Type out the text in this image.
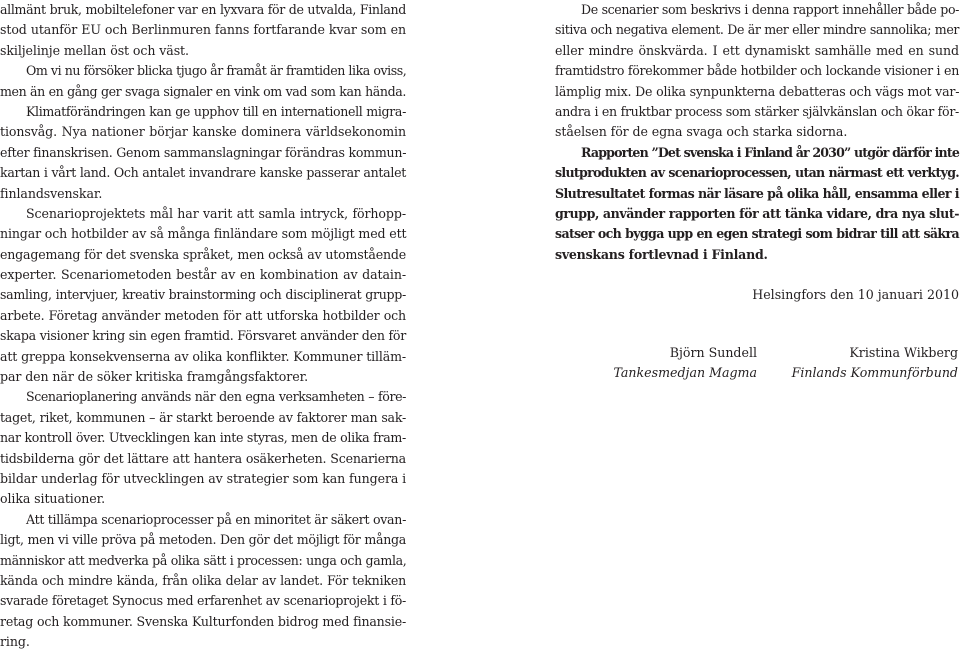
allmänt bruk, mobiltelefoner var en lyxvara för de utvalda, Finland
stod utanför EU och Berlinmuren fanns fortfarande kvar som en
skiljelinje mellan öst och väst.
Om vi nu försöker blicka tjugo år framåt är framtiden lika oviss,
men än en gång ger svaga signaler en vink om vad som kan hända.
Klimatförändringen kan ge upphov till en internationell migra-
tionsvåg. Nya nationer börjar kanske dominera världsekonomin
efter finanskrisen. Genom sammanslagningar förändras kommun-
kartan i vårt land. Och antalet invandrare kanske passerar antalet
finlandsvenskar.
Scenarioprojektets mål har varit att samla intryck, förhopp-
ningar och hotbilder av så många finländare som möjligt med ett
engagemang för det svenska språket, men också av utomstående
experter. Scenariometoden består av en kombination av datain-
samling, intervjuer, kreativ brainstorming och disciplinerat grupp-
arbete. Företag använder metoden för att utforska hotbilder och
skapa visioner kring sin egen framtid. Försvaret använder den för
att greppa konsekvenserna av olika konflikter. Kommuner tilläm-
par den när de söker kritiska framgångsfaktorer.
Scenarioplanering används när den egna verksamheten – före-
taget, riket, kommunen – är starkt beroende av faktorer man sak-
nar kontroll över. Utvecklingen kan inte styras, men de olika fram-
tidsbilderna gör det lättare att hantera osäkerheten. Scenarierna
bildar underlag för utvecklingen av strategier som kan fungera i
olika situationer.
Att tillämpa scenarioprocesser på en minoritet är säkert ovan-
ligt, men vi ville pröva på metoden. Den gör det möjligt för många
människor att medverka på olika sätt i processen: unga och gamla,
kända och mindre kända, från olika delar av landet. För tekniken
svarade företaget Synocus med erfarenhet av scenarioprojekt i fö-
retag och kommuner. Svenska Kulturfonden bidrog med finansie-
ring.
De scenarier som beskrivs i denna rapport innehåller både po-
sitiva och negativa element. De är mer eller mindre sannolika; mer
eller mindre önskvärda. I ett dynamiskt samhälle med en sund
framtidstro förekommer både hotbilder och lockande visioner i en
lämplig mix. De olika synpunkterna debatteras och vägs mot var-
andra i en fruktbar process som stärker självkänslan och ökar för-
ståelsen för de egna svaga och starka sidorna.
Rapporten ”Det svenska i Finland år 2030” utgör därför inte
slutprodukten av scenarioprocessen, utan närmast ett verktyg.
Slutresultatet formas när läsare på olika håll, ensamma eller i
grupp, använder rapporten för att tänka vidare, dra nya slut-
satser och bygga upp en egen strategi som bidrar till att säkra
svenskans fortlevnad i Finland.
Helsingfors den 10 januari 2010
Björn Sundell
Tankesmedjan Magma
Kristina Wikberg
Finlands Kommunförbund
